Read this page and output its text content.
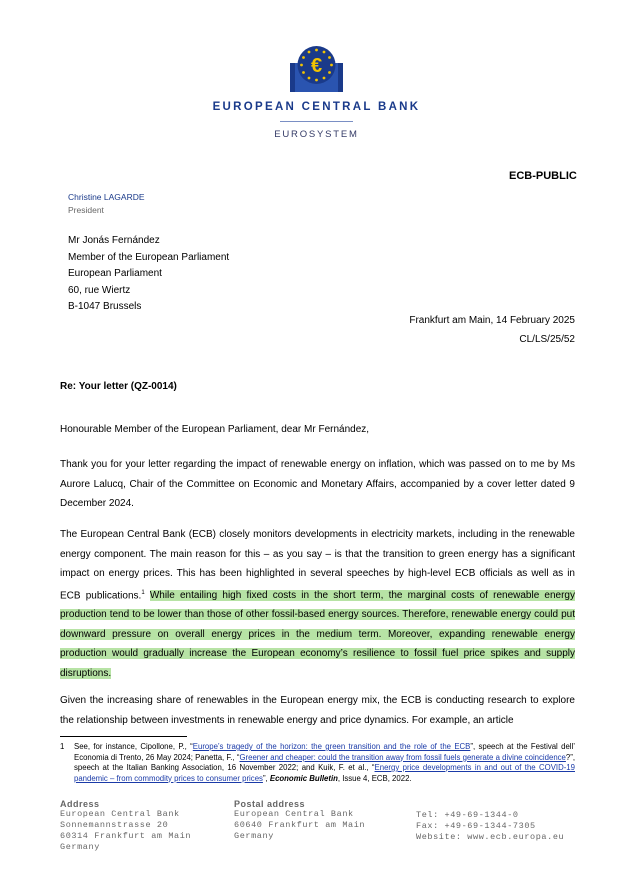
€
EUROPEAN CENTRAL BANK
EUROSYSTEM
ECB-PUBLIC
Christine LAGARDE
President
Mr Jonás Fernández
Member of the European Parliament
European Parliament
60, rue Wiertz
B-1047 Brussels
Frankfurt am Main, 14 February 2025
CL/LS/25/52
Re: Your letter (QZ-0014)
Honourable Member of the European Parliament, dear Mr Fernández,
Thank you for your letter regarding the impact of renewable energy on inflation, which was passed on to me by Ms Aurore Lalucq, Chair of the Committee on Economic and Monetary Affairs, accompanied by a cover letter dated 9 December 2024.
The European Central Bank (ECB) closely monitors developments in electricity markets, including in the renewable energy component. The main reason for this – as you say – is that the transition to green energy has a significant impact on energy prices. This has been highlighted in several speeches by high-level ECB officials as well as in ECB publications.$^1$ While entailing high fixed costs in the short term, the marginal costs of renewable energy production tend to be lower than those of other fossil-based energy sources. Therefore, renewable energy could put downward pressure on overall energy prices in the medium term. Moreover, expanding renewable energy production would gradually increase the European economy’s resilience to fossil fuel price spikes and supply disruptions.
Given the increasing share of renewables in the European energy mix, the ECB is conducting research to explore the relationship between investments in renewable energy and price dynamics. For example, an article
1 See, for instance, Cipollone, P., “Europe’s tragedy of the horizon: the green transition and the role of the ECB”, speech at the Festival dell’ Economia di Trento, 26 May 2024; Panetta, F., “Greener and cheaper: could the transition away from fossil fuels generate a divine coincidence?”, speech at the Italian Banking Association, 16 November 2022; and Kuik, F. et al., “Energy price developments in and out of the COVID-19 pandemic – from commodity prices to consumer prices”, Economic Bulletin, Issue 4, ECB, 2022.
Address
European Central Bank
Sonnemannstrasse 20
60314 Frankfurt am Main
Germany
Postal address
European Central Bank
60640 Frankfurt am Main
Germany
Tel: +49-69-1344-0
Fax: +49-69-1344-7305
Website: www.ecb.europa.eu
